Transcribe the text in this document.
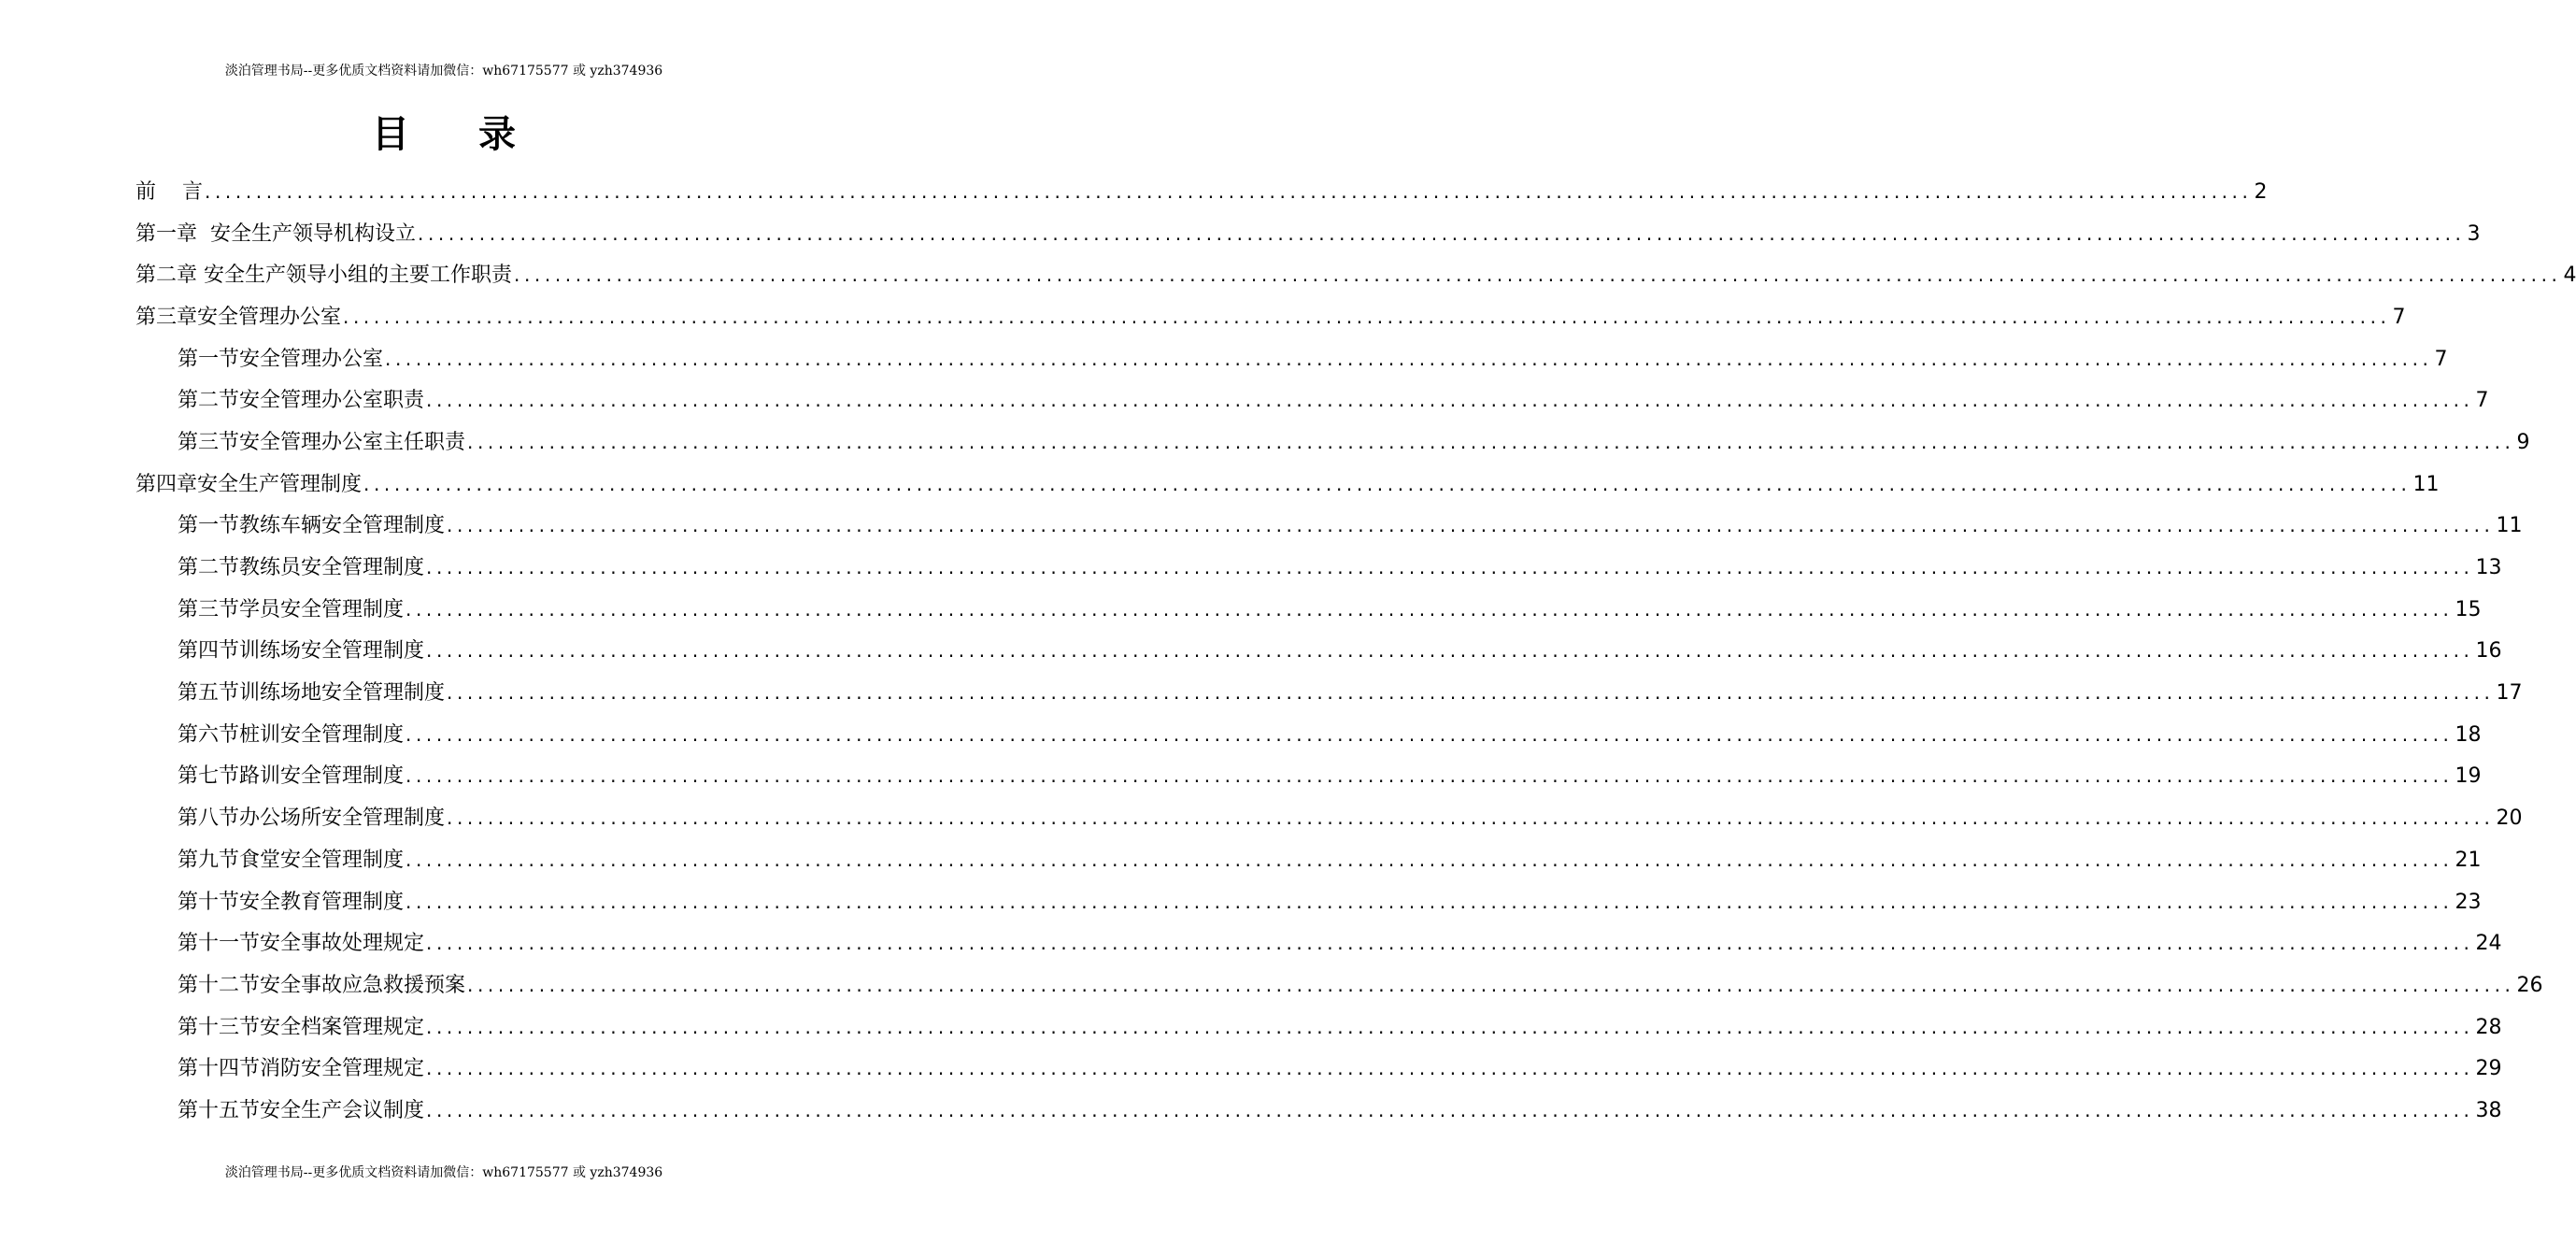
淡泊管理书局--更多优质文档资料请加微信：wh67175577 或 yzh374936
目 录
前    言 ........................................................................................................................................................................................................ 2
第一章  安全生产领导机构设立 ........................................................................................................................................................................................................ 3
第二章 安全生产领导小组的主要工作职责 ........................................................................................................................................................................................................ 4
第三章安全管理办公室 ........................................................................................................................................................................................................ 7
第一节安全管理办公室 ........................................................................................................................................................................................................ 7
第二节安全管理办公室职责 ........................................................................................................................................................................................................ 7
第三节安全管理办公室主任职责 ........................................................................................................................................................................................................ 9
第四章安全生产管理制度 ........................................................................................................................................................................................................ 11
第一节教练车辆安全管理制度 ........................................................................................................................................................................................................ 11
第二节教练员安全管理制度 ........................................................................................................................................................................................................ 13
第三节学员安全管理制度 ........................................................................................................................................................................................................ 15
第四节训练场安全管理制度 ........................................................................................................................................................................................................ 16
第五节训练场地安全管理制度 ........................................................................................................................................................................................................ 17
第六节桩训安全管理制度 ........................................................................................................................................................................................................ 18
第七节路训安全管理制度 ........................................................................................................................................................................................................ 19
第八节办公场所安全管理制度 ........................................................................................................................................................................................................ 20
第九节食堂安全管理制度 ........................................................................................................................................................................................................ 21
第十节安全教育管理制度 ........................................................................................................................................................................................................ 23
第十一节安全事故处理规定 ........................................................................................................................................................................................................ 24
第十二节安全事故应急救援预案 ........................................................................................................................................................................................................ 26
第十三节安全档案管理规定 ........................................................................................................................................................................................................ 28
第十四节消防安全管理规定 ........................................................................................................................................................................................................ 29
第十五节安全生产会议制度 ........................................................................................................................................................................................................ 38
淡泊管理书局--更多优质文档资料请加微信：wh67175577 或 yzh374936
